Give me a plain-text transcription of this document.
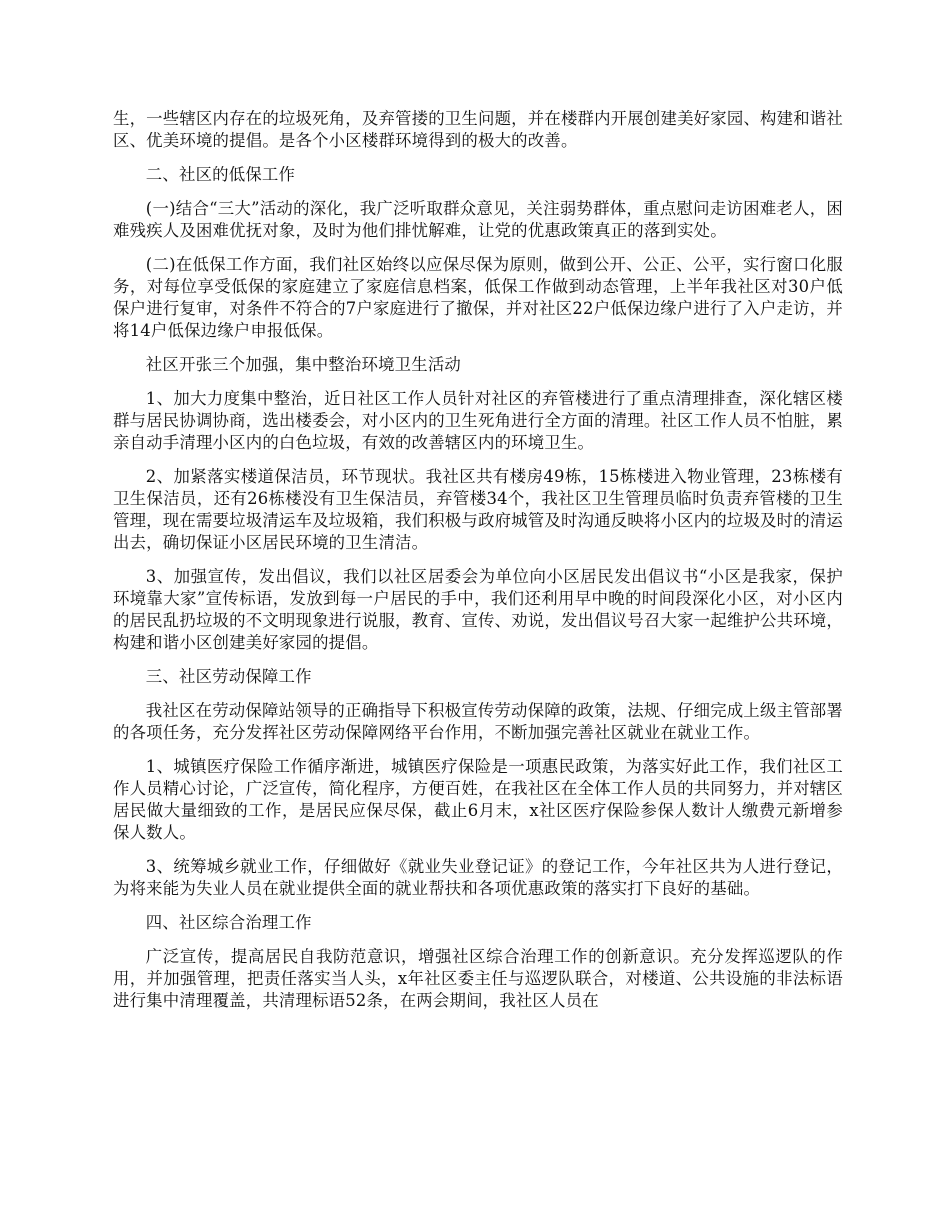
生，一些辖区内存在的垃圾死角，及弃管搂的卫生问题，并在楼群内开展创建美好家园、构建和谐社区、优美环境的提倡。是各个小区楼群环境得到的极大的改善。

二、社区的低保工作

(一)结合“三大”活动的深化，我广泛听取群众意见，关注弱势群体，重点慰问走访困难老人，困难残疾人及困难优抚对象，及时为他们排忧解难，让党的优惠政策真正的落到实处。

(二)在低保工作方面，我们社区始终以应保尽保为原则，做到公开、公正、公平，实行窗口化服务，对每位享受低保的家庭建立了家庭信息档案，低保工作做到动态管理，上半年我社区对30户低保户进行复审，对条件不符合的7户家庭进行了撤保，并对社区22户低保边缘户进行了入户走访，并将14户低保边缘户申报低保。

社区开张三个加强，集中整治环境卫生活动

1、加大力度集中整治，近日社区工作人员针对社区的弃管楼进行了重点清理排查，深化辖区楼群与居民协调协商，选出楼委会，对小区内的卫生死角进行全方面的清理。社区工作人员不怕脏，累亲自动手清理小区内的白色垃圾，有效的改善辖区内的环境卫生。

2、加紧落实楼道保洁员，环节现状。我社区共有楼房49栋，15栋楼进入物业管理，23栋楼有卫生保洁员，还有26栋楼没有卫生保洁员，弃管楼34个，我社区卫生管理员临时负责弃管楼的卫生管理，现在需要垃圾清运车及垃圾箱，我们积极与政府城管及时沟通反映将小区内的垃圾及时的清运出去，确切保证小区居民环境的卫生清洁。

3、加强宣传，发出倡议，我们以社区居委会为单位向小区居民发出倡议书“小区是我家，保护环境靠大家”宣传标语，发放到每一户居民的手中，我们还利用早中晚的时间段深化小区，对小区内的居民乱扔垃圾的不文明现象进行说服，教育、宣传、劝说，发出倡议号召大家一起维护公共环境，构建和谐小区创建美好家园的提倡。

三、社区劳动保障工作

我社区在劳动保障站领导的正确指导下积极宣传劳动保障的政策，法规、仔细完成上级主管部署的各项任务，充分发挥社区劳动保障网络平台作用，不断加强完善社区就业在就业工作。

1、城镇医疗保险工作循序渐进，城镇医疗保险是一项惠民政策，为落实好此工作，我们社区工作人员精心讨论，广泛宣传，简化程序，方便百姓，在我社区在全体工作人员的共同努力，并对辖区居民做大量细致的工作，是居民应保尽保，截止6月末，x社区医疗保险参保人数计人缴费元新增参保人数人。

3、统筹城乡就业工作，仔细做好《就业失业登记证》的登记工作，今年社区共为人进行登记，为将来能为失业人员在就业提供全面的就业帮扶和各项优惠政策的落实打下良好的基础。

四、社区综合治理工作

广泛宣传，提高居民自我防范意识，增强社区综合治理工作的创新意识。充分发挥巡逻队的作用，并加强管理，把责任落实当人头，x年社区委主任与巡逻队联合，对楼道、公共设施的非法标语进行集中清理覆盖，共清理标语52条，在两会期间，我社区人员在
